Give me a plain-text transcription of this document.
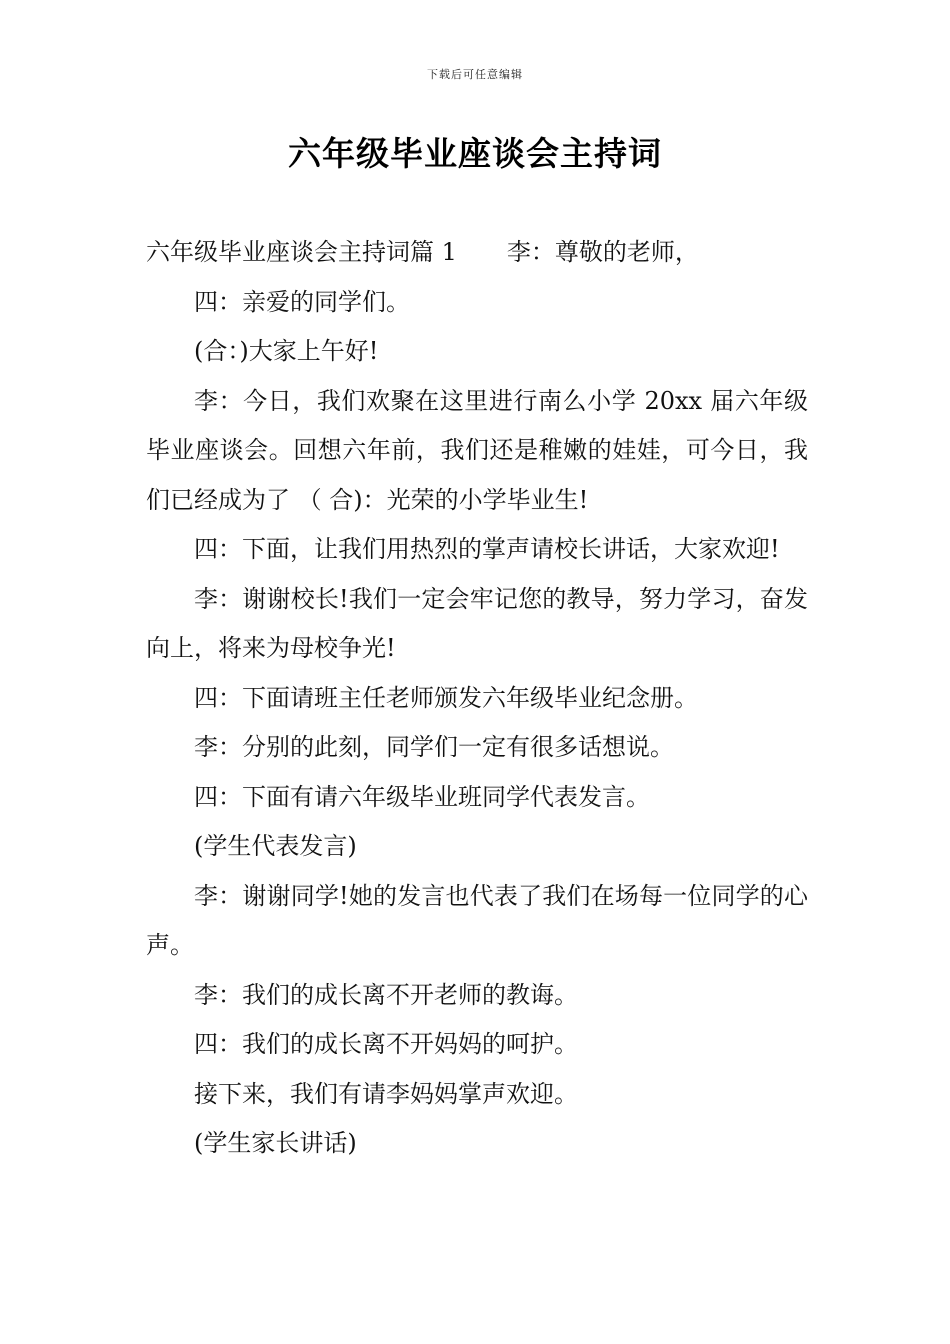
下载后可任意编辑
六年级毕业座谈会主持词

六年级毕业座谈会主持词篇 1 李：尊敬的老师，

四：亲爱的同学们。

(合：)大家上午好!

李：今日，我们欢聚在这里进行南么小学 20xx 届六年级毕业座谈会。回想六年前，我们还是稚嫩的娃娃，可今日，我们已经成为了 （ 合)：光荣的小学毕业生!

四：下面，让我们用热烈的掌声请校长讲话，大家欢迎!

李：谢谢校长!我们一定会牢记您的教导，努力学习，奋发向上，将来为母校争光!

四：下面请班主任老师颁发六年级毕业纪念册。

李：分别的此刻，同学们一定有很多话想说。

四：下面有请六年级毕业班同学代表发言。

(学生代表发言)

李：谢谢同学!她的发言也代表了我们在场每一位同学的心声。

李：我们的成长离不开老师的教诲。

四：我们的成长离不开妈妈的呵护。

接下来，我们有请李妈妈掌声欢迎。

(学生家长讲话)
